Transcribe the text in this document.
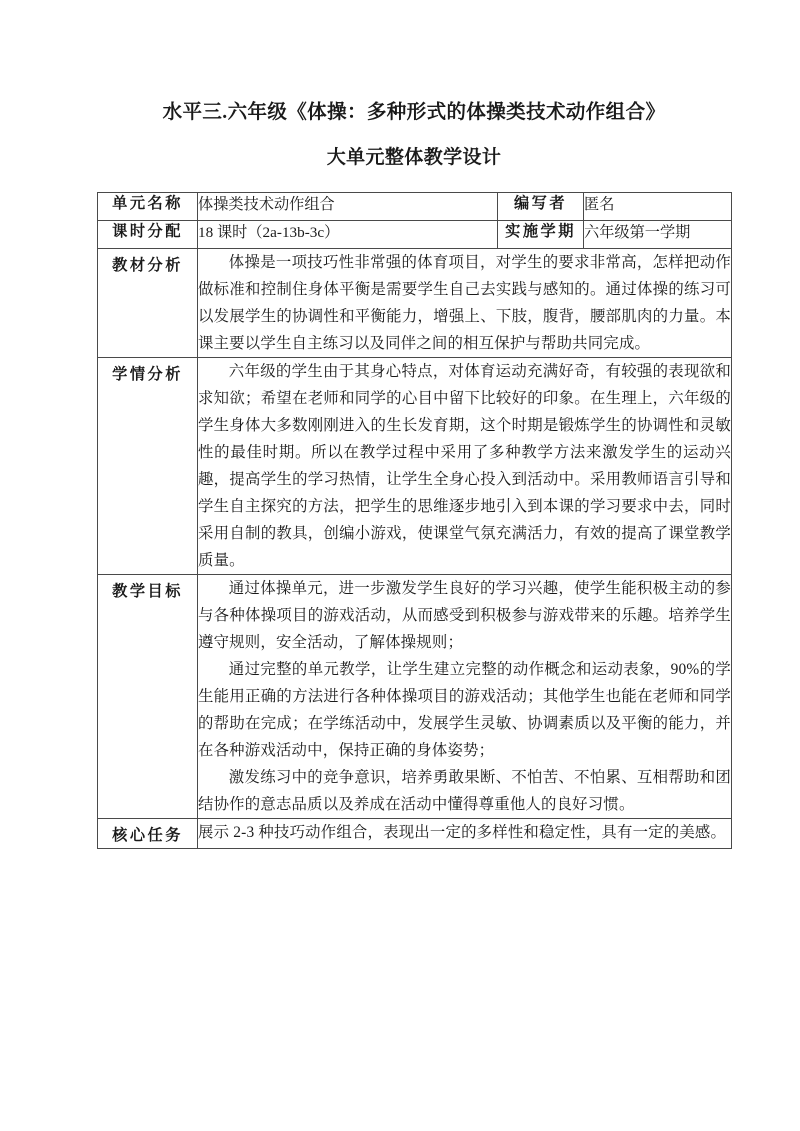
水平三.六年级《体操：多种形式的体操类技术动作组合》
大单元整体教学设计
单元名称	体操类技术动作组合	编写者	匿名
课时分配	18 课时（2a-13b-3c）	实施学期	六年级第一学期
教材分析	体操是一项技巧性非常强的体育项目，对学生的要求非常高，怎样把动作做标准和控制住身体平衡是需要学生自己去实践与感知的。通过体操的练习可以发展学生的协调性和平衡能力，增强上、下肢，腹背，腰部肌肉的力量。本课主要以学生自主练习以及同伴之间的相互保护与帮助共同完成。		

学情分析	六年级的学生由于其身心特点，对体育运动充满好奇，有较强的表现欲和求知欲；希望在老师和同学的心目中留下比较好的印象。在生理上，六年级的学生身体大多数刚刚进入的生长发育期，这个时期是锻炼学生的协调性和灵敏性的最佳时期。所以在教学过程中采用了多种教学方法来激发学生的运动兴趣，提高学生的学习热情，让学生全身心投入到活动中。采用教师语言引导和学生自主探究的方法，把学生的思维逐步地引入到本课的学习要求中去，同时采用自制的教具，创编小游戏，使课堂气氛充满活力，有效的提高了课堂教学质量。		

教学目标	通过体操单元，进一步激发学生良好的学习兴趣，使学生能积极主动的参与各种体操项目的游戏活动，从而感受到积极参与游戏带来的乐趣。培养学生遵守规则，安全活动，了解体操规则；

通过完整的单元教学，让学生建立完整的动作概念和运动表象，90%的学生能用正确的方法进行各种体操项目的游戏活动；其他学生也能在老师和同学的帮助在完成；在学练活动中，发展学生灵敏、协调素质以及平衡的能力，并在各种游戏活动中，保持正确的身体姿势；

激发练习中的竞争意识，培养勇敢果断、不怕苦、不怕累、互相帮助和团结协作的意志品质以及养成在活动中懂得尊重他人的良好习惯。		

核心任务	展示 2-3 种技巧动作组合，表现出一定的多样性和稳定性，具有一定的美感。		
